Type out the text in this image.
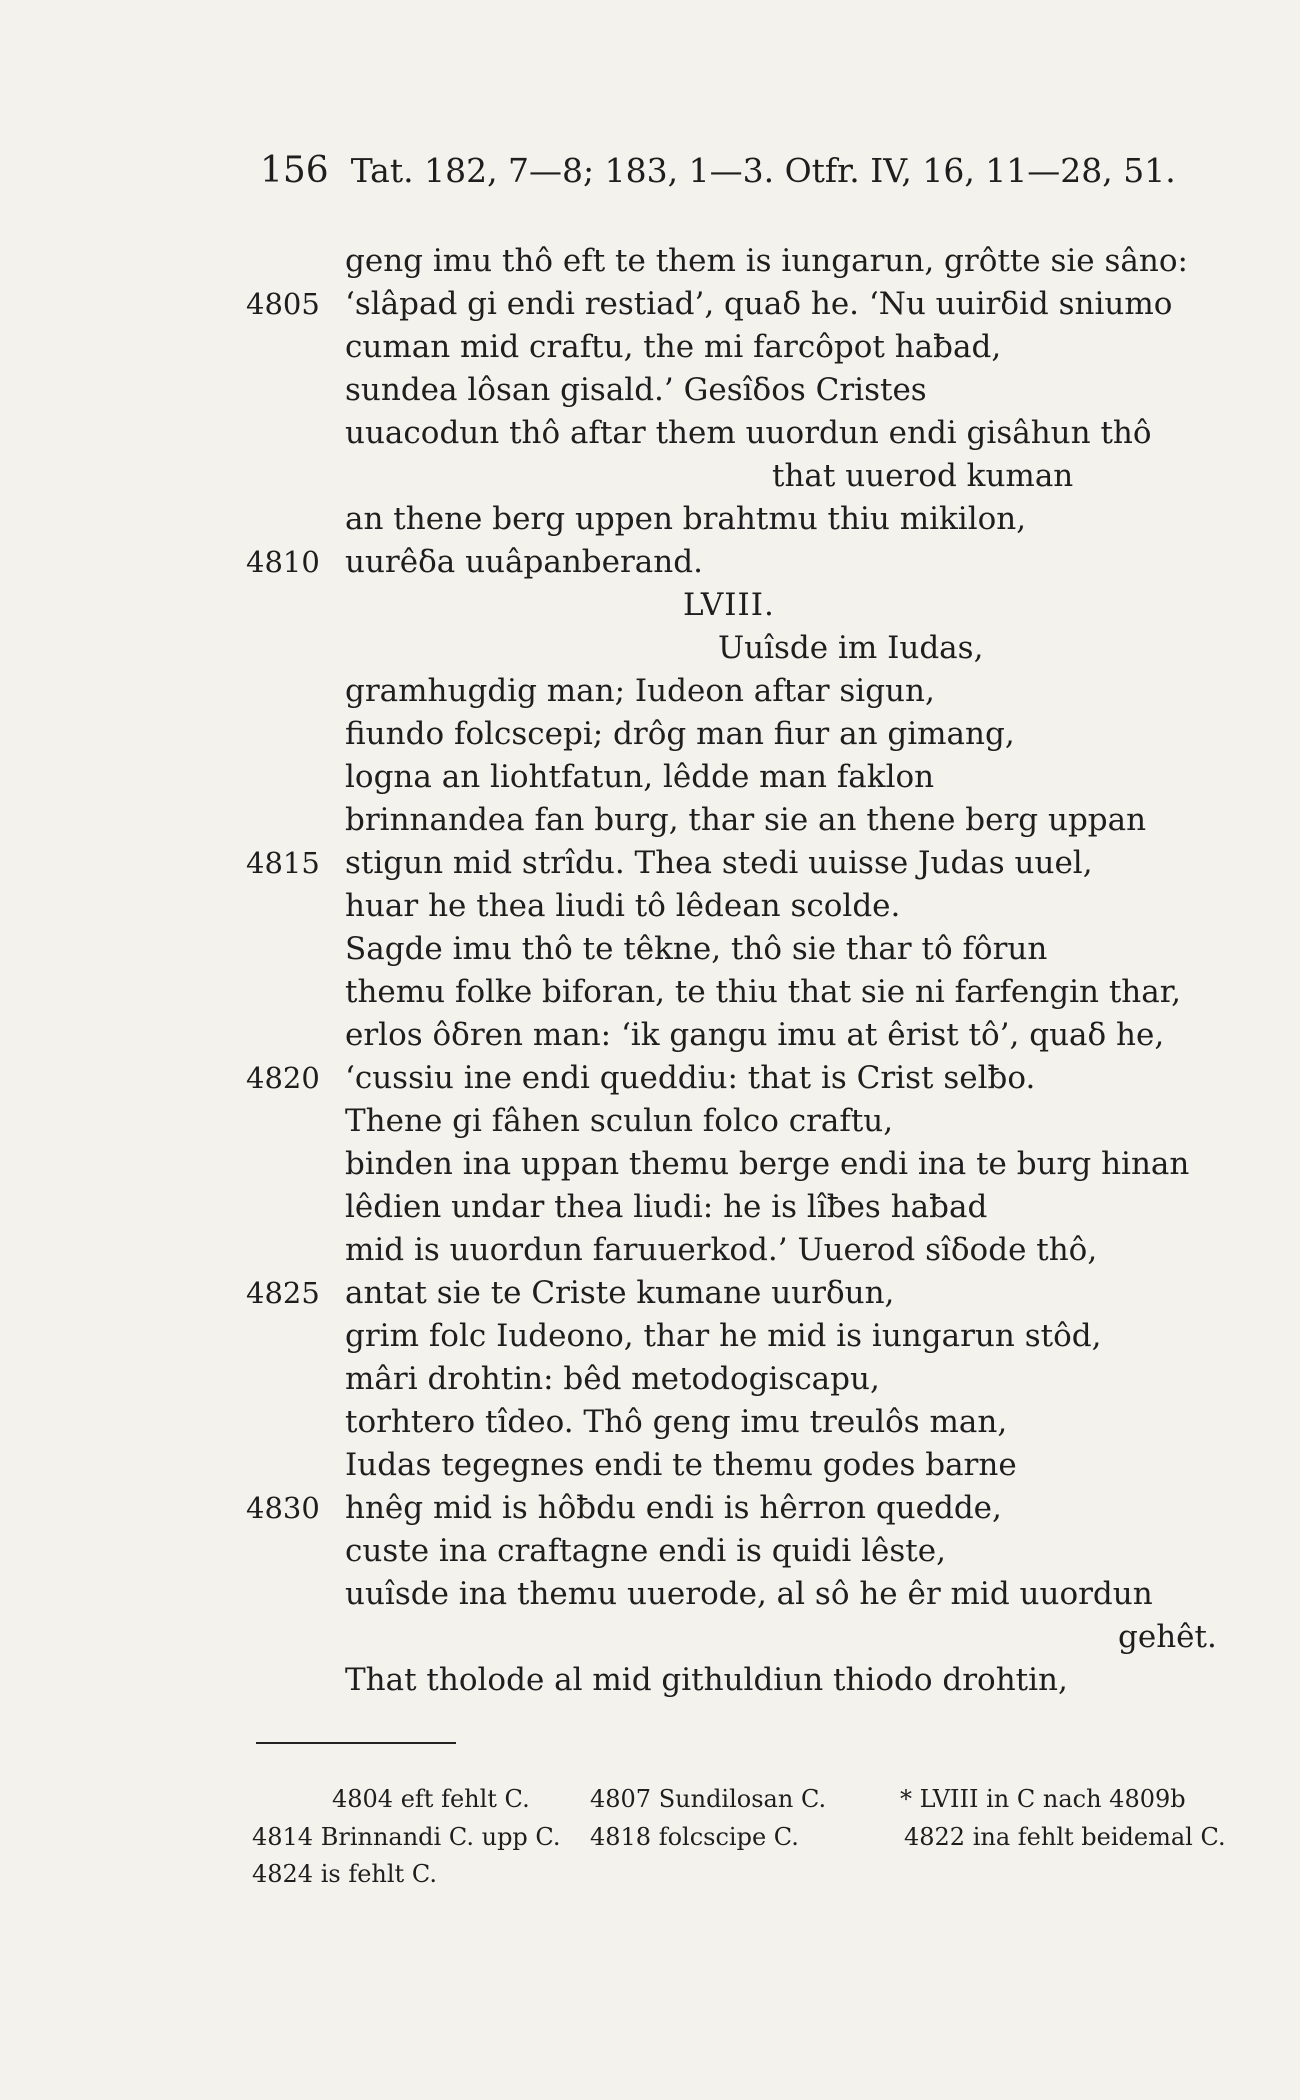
156 Tat. 182, 7—8; 183, 1—3. Otfr. IV, 16, 11—28, 51.
geng imu thô eft te them is iungarun, grôtte sie sâno:
4805 ‘slâpad gi endi restiad’, quaδ he. ‘Nu uuirδid sniumo
cuman mid craftu, the mi farcôpot haƀad,
sundea lôsan gisald.’ Gesîδos Cristes
uuacodun thô aftar them uuordun endi gisâhun thô
that uuerod kuman
an thene berg uppen brahtmu thiu mikilon,
4810 uurêδa uuâpanberand.
LVIII.
Uuîsde im Iudas,
gramhugdig man; Iudeon aftar sigun,
fiundo folcscepi; drôg man fiur an gimang,
logna an liohtfatun, lêdde man faklon
brinnandea fan burg, thar sie an thene berg uppan
4815 stigun mid strîdu. Thea stedi uuisse Judas uuel,
huar he thea liudi tô lêdean scolde.
Sagde imu thô te têkne, thô sie thar tô fôrun
themu folke biforan, te thiu that sie ni farfengin thar,
erlos ôδren man: ‘ik gangu imu at êrist tô’, quaδ he,
4820 ‘cussiu ine endi queddiu: that is Crist selƀo.
Thene gi fâhen sculun folco craftu,
binden ina uppan themu berge endi ina te burg hinan
lêdien undar thea liudi: he is lîƀes haƀad
mid is uuordun faruuerkod.’ Uuerod sîδode thô,
4825 antat sie te Criste kumane uurδun,
grim folc Iudeono, thar he mid is iungarun stôd,
mâri drohtin: bêd metodogiscapu,
torhtero tîdeo. Thô geng imu treulôs man,
Iudas tegegnes endi te themu godes barne
4830 hnêg mid is hôƀdu endi is hêrron quedde,
custe ina craftagne endi is quidi lêste,
uuîsde ina themu uuerode, al sô he êr mid uuordun
gehêt.
That tholode al mid githuldiun thiodo drohtin,
4804 eft fehlt C.	4807 Sundilosan C.	* LVIII in C nach 4809b
4814 Brinnandi C. upp C. 4818 folcscipe C.	4822 ina fehlt beidemal C.
4824 is fehlt C.
